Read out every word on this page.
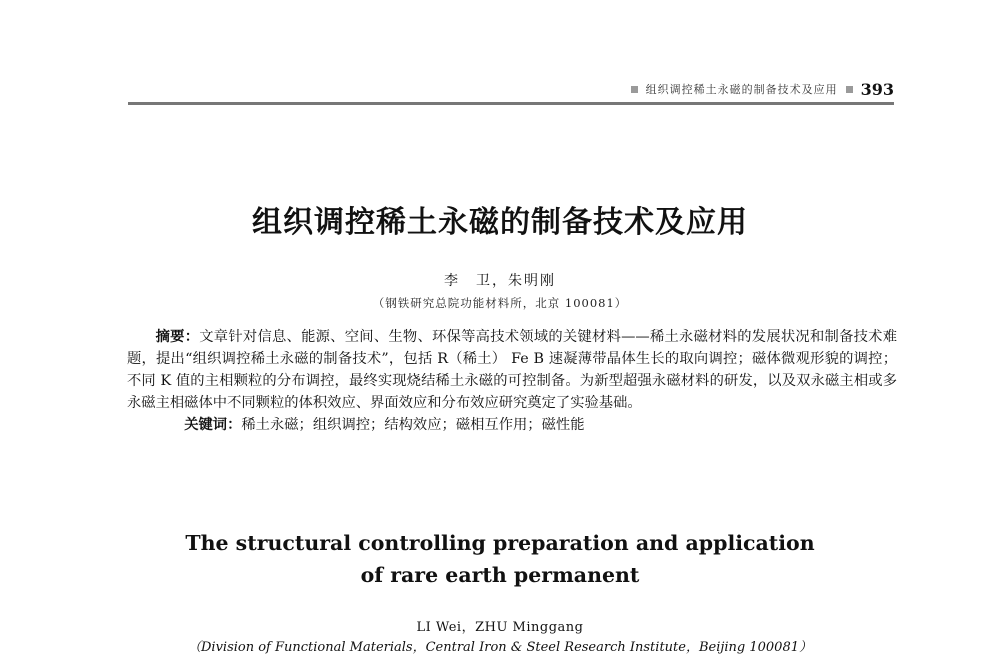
组织调控稀土永磁的制备技术及应用 393
组织调控稀土永磁的制备技术及应用
李　卫，朱明刚
（钢铁研究总院功能材料所，北京 100081）

摘要：文章针对信息、能源、空间、生物、环保等高技术领域的关键材料——稀土永磁材料的发展状况和制备技术难题，提出“组织调控稀土永磁的制备技术”，包括 R（稀土） Fe B 速凝薄带晶体生长的取向调控；磁体微观形貌的调控；不同 K 值的主相颗粒的分布调控，最终实现烧结稀土永磁的可控制备。为新型超强永磁材料的研发，以及双永磁主相或多永磁主相磁体中不同颗粒的体积效应、界面效应和分布效应研究奠定了实验基础。

关键词：稀土永磁；组织调控；结构效应；磁相互作用；磁性能

The structural controlling preparation and application
of rare earth permanent
LI Wei，ZHU Minggang
（Division of Functional Materials，Central Iron & Steel Research Institute，Beijing 100081）
